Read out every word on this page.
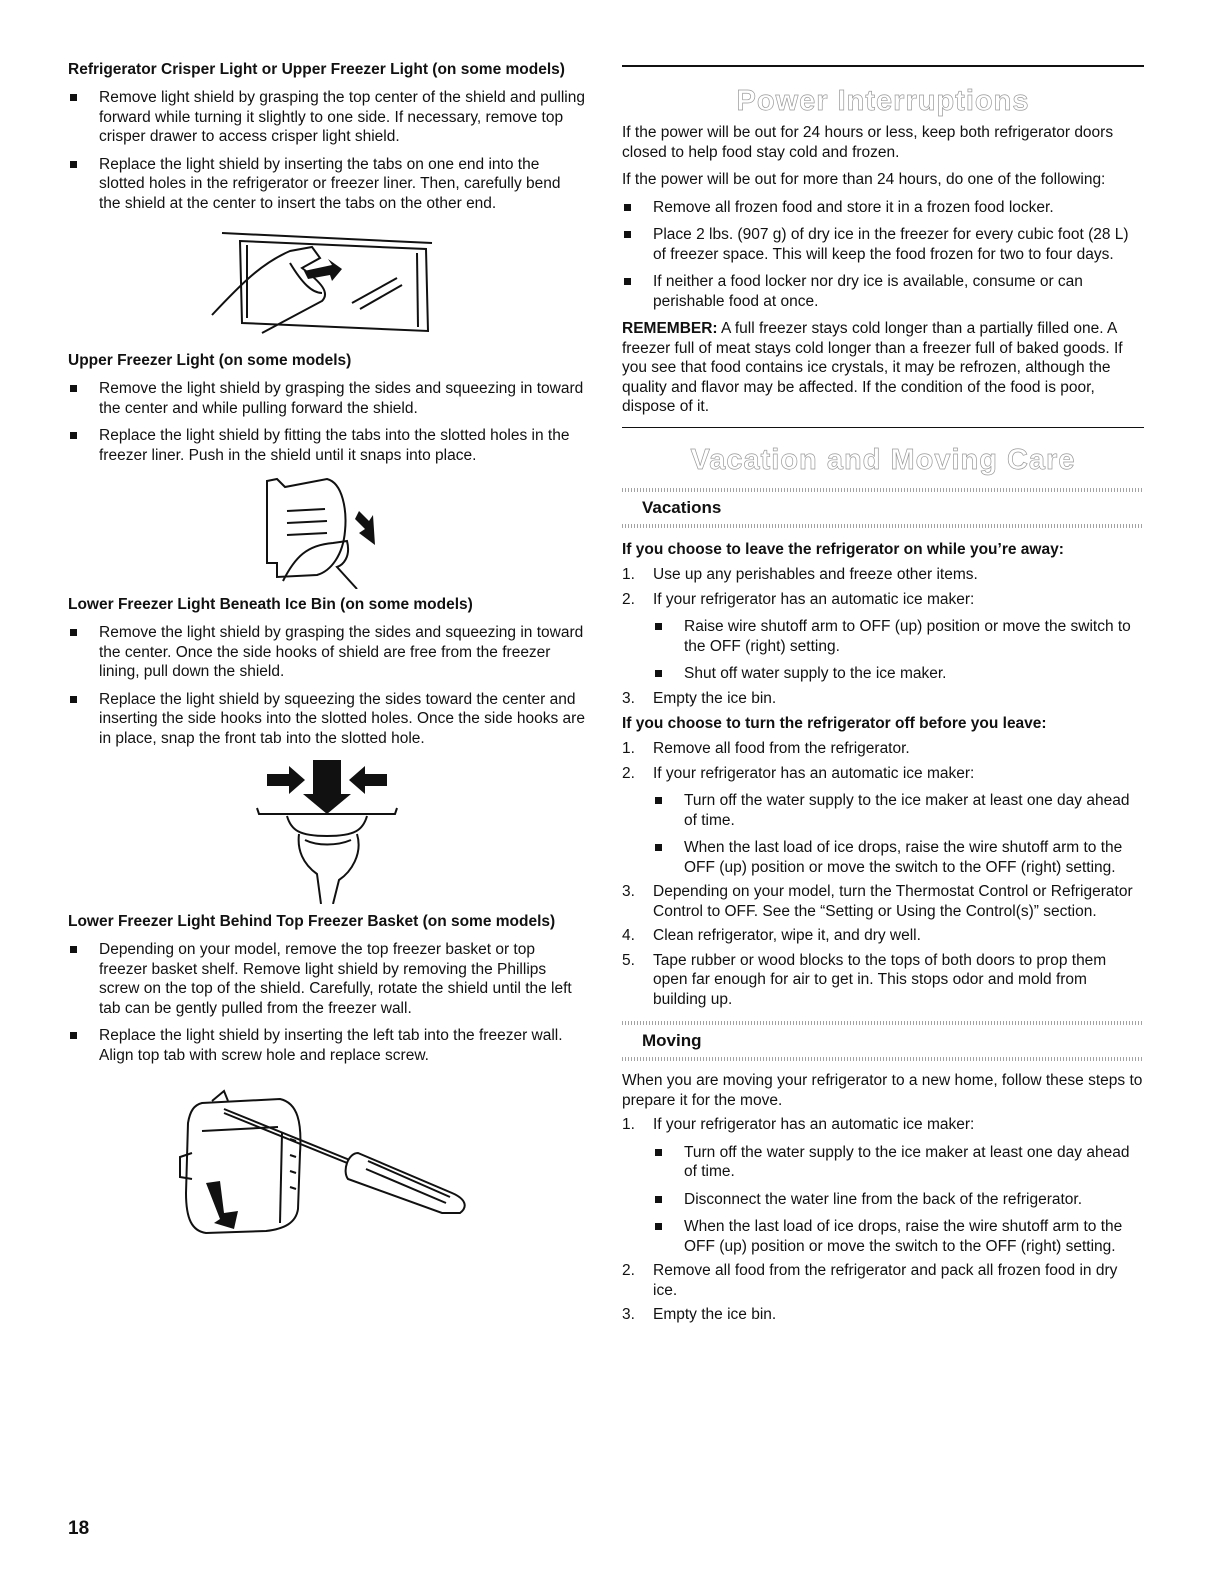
Refrigerator Crisper Light or Upper Freezer Light (on some models)
Remove light shield by grasping the top center of the shield and pulling forward while turning it slightly to one side. If necessary, remove top crisper drawer to access crisper light shield.
Replace the light shield by inserting the tabs on one end into the slotted holes in the refrigerator or freezer liner. Then, carefully bend the shield at the center to insert the tabs on the other end.
Upper Freezer Light (on some models)
Remove the light shield by grasping the sides and squeezing in toward the center and while pulling forward the shield.
Replace the light shield by fitting the tabs into the slotted holes in the freezer liner. Push in the shield until it snaps into place.
Lower Freezer Light Beneath Ice Bin (on some models)
Remove the light shield by grasping the sides and squeezing in toward the center. Once the side hooks of shield are free from the freezer lining, pull down the shield.
Replace the light shield by squeezing the sides toward the center and inserting the side hooks into the slotted holes. Once the side hooks are in place, snap the front tab into the slotted hole.
Lower Freezer Light Behind Top Freezer Basket (on some models)
Depending on your model, remove the top freezer basket or top freezer basket shelf. Remove light shield by removing the Phillips screw on the top of the shield. Carefully, rotate the shield until the left tab can be gently pulled from the freezer wall.
Replace the light shield by inserting the left tab into the freezer wall. Align top tab with screw hole and replace screw.
Power Interruptions

If the power will be out for 24 hours or less, keep both refrigerator doors closed to help food stay cold and frozen.

If the power will be out for more than 24 hours, do one of the following:

Remove all frozen food and store it in a frozen food locker.
Place 2 lbs. (907 g) of dry ice in the freezer for every cubic foot (28 L) of freezer space. This will keep the food frozen for two to four days.
If neither a food locker nor dry ice is available, consume or can perishable food at once.

REMEMBER: A full freezer stays cold longer than a partially filled one. A freezer full of meat stays cold longer than a freezer full of baked goods. If you see that food contains ice crystals, it may be refrozen, although the quality and flavor may be affected. If the condition of the food is poor, dispose of it.

Vacation and Moving Care
Vacations
If you choose to leave the refrigerator on while you’re away:
1. Use up any perishables and freeze other items.
2. If your refrigerator has an automatic ice maker:
Raise wire shutoff arm to OFF (up) position or move the switch to the OFF (right) setting.
Shut off water supply to the ice maker.
3. Empty the ice bin.
If you choose to turn the refrigerator off before you leave:
1. Remove all food from the refrigerator.
2. If your refrigerator has an automatic ice maker:
Turn off the water supply to the ice maker at least one day ahead of time.
When the last load of ice drops, raise the wire shutoff arm to the OFF (up) position or move the switch to the OFF (right) setting.
3. Depending on your model, turn the Thermostat Control or Refrigerator Control to OFF. See the “Setting or Using the Control(s)” section.
4. Clean refrigerator, wipe it, and dry well.
5. Tape rubber or wood blocks to the tops of both doors to prop them open far enough for air to get in. This stops odor and mold from building up.
Moving

When you are moving your refrigerator to a new home, follow these steps to prepare it for the move.

1. If your refrigerator has an automatic ice maker:
Turn off the water supply to the ice maker at least one day ahead of time.
Disconnect the water line from the back of the refrigerator.
When the last load of ice drops, raise the wire shutoff arm to the OFF (up) position or move the switch to the OFF (right) setting.
2. Remove all food from the refrigerator and pack all frozen food in dry ice.
3. Empty the ice bin.
18
